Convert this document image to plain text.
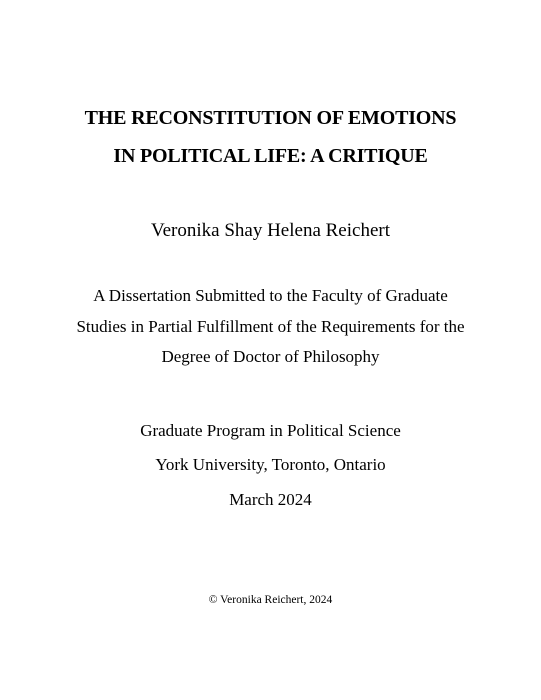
THE RECONSTITUTION OF EMOTIONS
IN POLITICAL LIFE: A CRITIQUE

Veronika Shay Helena Reichert

A Dissertation Submitted to the Faculty of Graduate

Studies in Partial Fulfillment of the Requirements for the

Degree of Doctor of Philosophy

Graduate Program in Political Science

York University, Toronto, Ontario

March 2024

© Veronika Reichert, 2024
